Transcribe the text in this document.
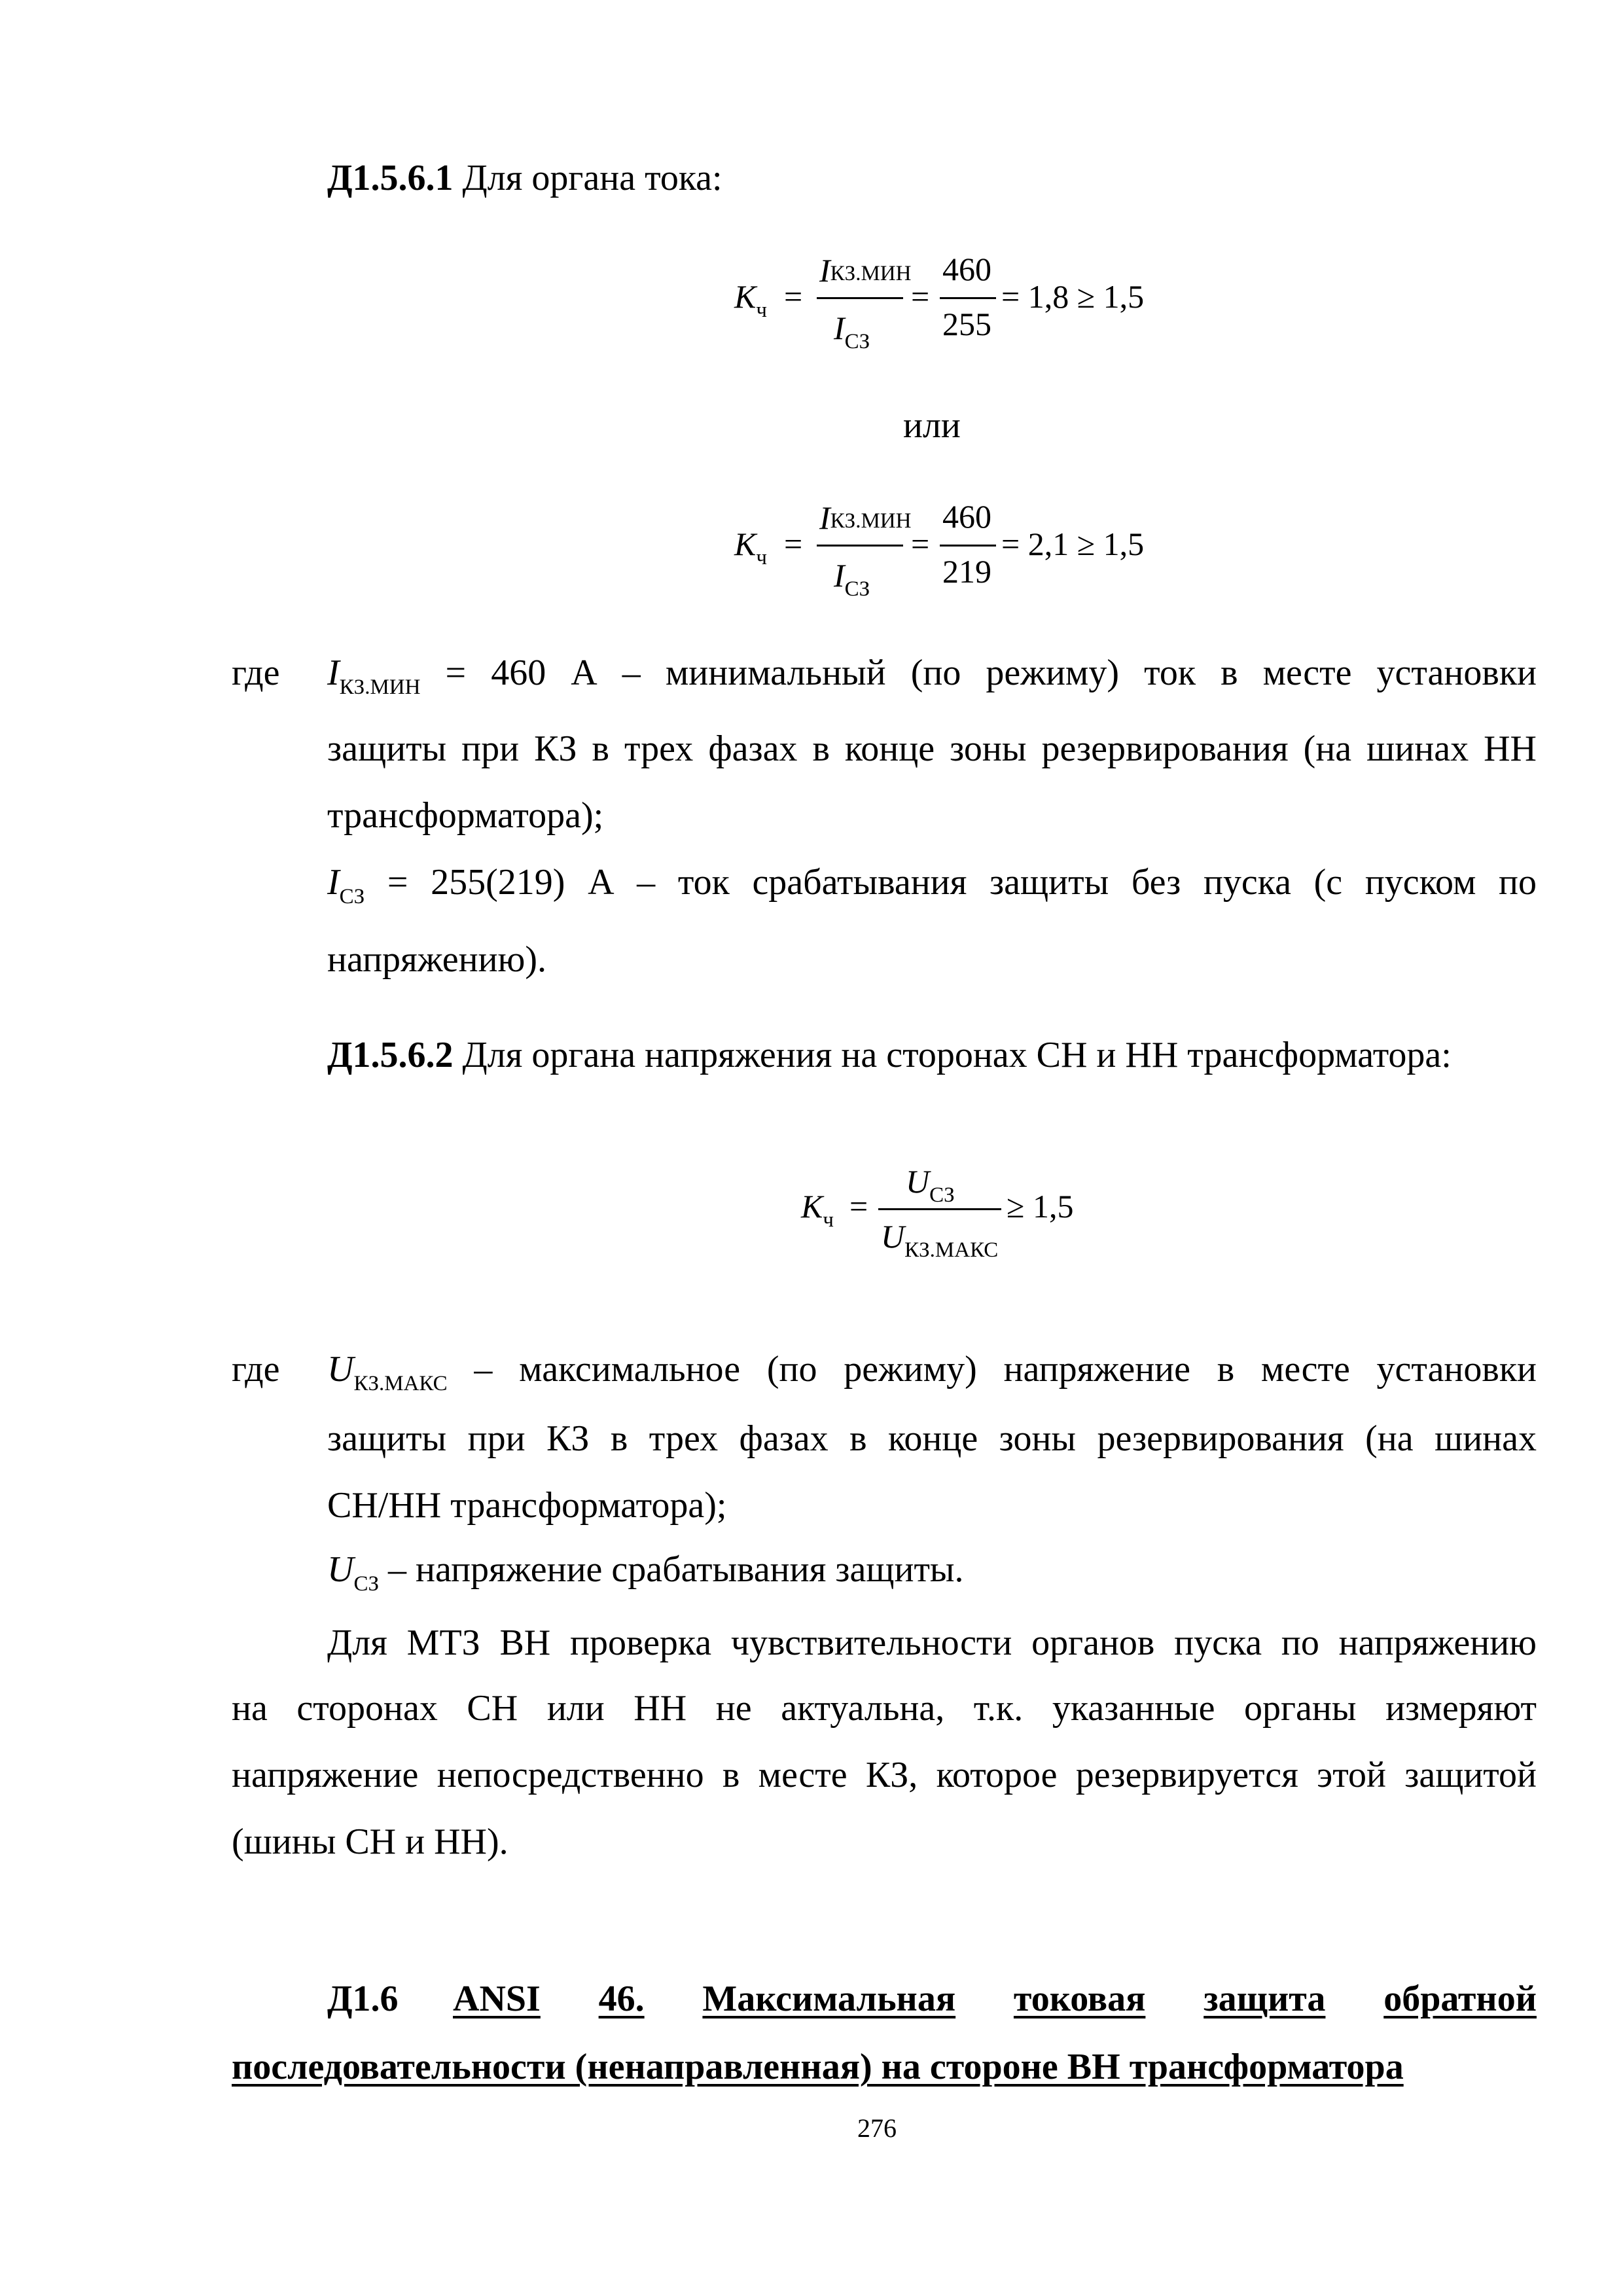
Д1.5.6.1 Для органа тока:
$K_ч$ =
IКЗ.МИН
$I_{СЗ}$
=
460
255
= 1,8 ≥ 1,5
или
$K_ч$ =
IКЗ.МИН
$I_{СЗ}$
=
460
219
= 2,1 ≥ 1,5
где $I_{КЗ.МИН} = 460$ А – минимальный (по режиму) ток в месте установки
защиты при КЗ в трех фазах в конце зоны резервирования (на шинах НН
трансформатора);
$I_{СЗ} = 255(219)$ А – ток срабатывания защиты без пуска (с пуском по
напряжению).
Д1.5.6.2 Для органа напряжения на сторонах СН и НН трансформатора:
$K_ч$ =
$U_{СЗ}$
$U_{КЗ.МАКС}$
≥ 1,5
где $U_{КЗ.МАКС}$ – максимальное (по режиму) напряжение в месте установки
защиты при КЗ в трех фазах в конце зоны резервирования (на шинах
СН/НН трансформатора);
$U_{СЗ}$ – напряжение срабатывания защиты.
Для МТЗ ВН проверка чувствительности органов пуска по напряжению
на сторонах СН или НН не актуальна, т.к. указанные органы измеряют
напряжение непосредственно в месте КЗ, которое резервируется этой защитой
(шины СН и НН).
Д1.6 ANSI 46. Максимальная токовая защита обратной
последовательности (ненаправленная) на стороне ВН трансформатора
276
